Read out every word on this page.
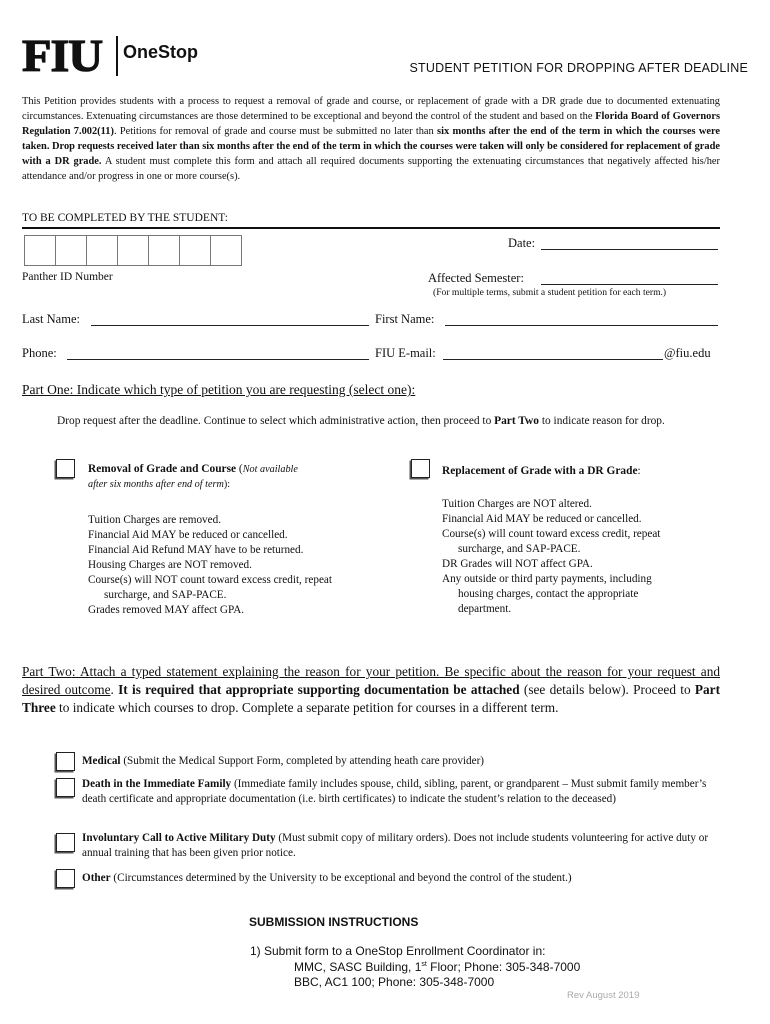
FIU OneStop
STUDENT PETITION FOR DROPPING AFTER DEADLINE
This Petition provides students with a process to request a removal of grade and course, or replacement of grade with a DR grade due to documented extenuating circumstances. Extenuating circumstances are those determined to be exceptional and beyond the control of the student and based on the Florida Board of Governors Regulation 7.002(11). Petitions for removal of grade and course must be submitted no later than six months after the end of the term in which the courses were taken. Drop requests received later than six months after the end of the term in which the courses were taken will only be considered for replacement of grade with a DR grade. A student must complete this form and attach all required documents supporting the extenuating circumstances that negatively affected his/her attendance and/or progress in one or more course(s).
TO BE COMPLETED BY THE STUDENT:
Date:
Panther ID Number	Affected Semester:
(For multiple terms, submit a student petition for each term.)
Last Name:	First Name:
Phone:	FIU E-mail:	@fiu.edu
Part One: Indicate which type of petition you are requesting (select one):
Drop request after the deadline. Continue to select which administrative action, then proceed to Part Two to indicate reason for drop.
Removal of Grade and Course (Not available
after six months after end of term):
Tuition Charges are removed.
Financial Aid MAY be reduced or cancelled.
Financial Aid Refund MAY have to be returned.
Housing Charges are NOT removed.
Course(s) will NOT count toward excess credit, repeat
surcharge, and SAP-PACE.
Grades removed MAY affect GPA.
Replacement of Grade with a DR Grade:
Tuition Charges are NOT altered.
Financial Aid MAY be reduced or cancelled.
Course(s) will count toward excess credit, repeat
surcharge, and SAP-PACE.
DR Grades will NOT affect GPA.
Any outside or third party payments, including
housing charges, contact the appropriate
department.
Part Two: Attach a typed statement explaining the reason for your petition. Be specific about the reason for your request and desired outcome. It is required that appropriate supporting documentation be attached (see details below). Proceed to Part Three to indicate which courses to drop. Complete a separate petition for courses in a different term.
Medical (Submit the Medical Support Form, completed by attending heath care provider)
Death in the Immediate Family (Immediate family includes spouse, child, sibling, parent, or grandparent – Must submit family member’s death certificate and appropriate documentation (i.e. birth certificates) to indicate the student’s relation to the deceased)
Involuntary Call to Active Military Duty (Must submit copy of military orders). Does not include students volunteering for active duty or annual training that has been given prior notice.
Other (Circumstances determined by the University to be exceptional and beyond the control of the student.)
SUBMISSION INSTRUCTIONS
1) Submit form to a OneStop Enrollment Coordinator in:
MMC, SASC Building, 1st Floor; Phone: 305-348-7000
BBC, AC1 100; Phone: 305-348-7000
Rev August 2019
